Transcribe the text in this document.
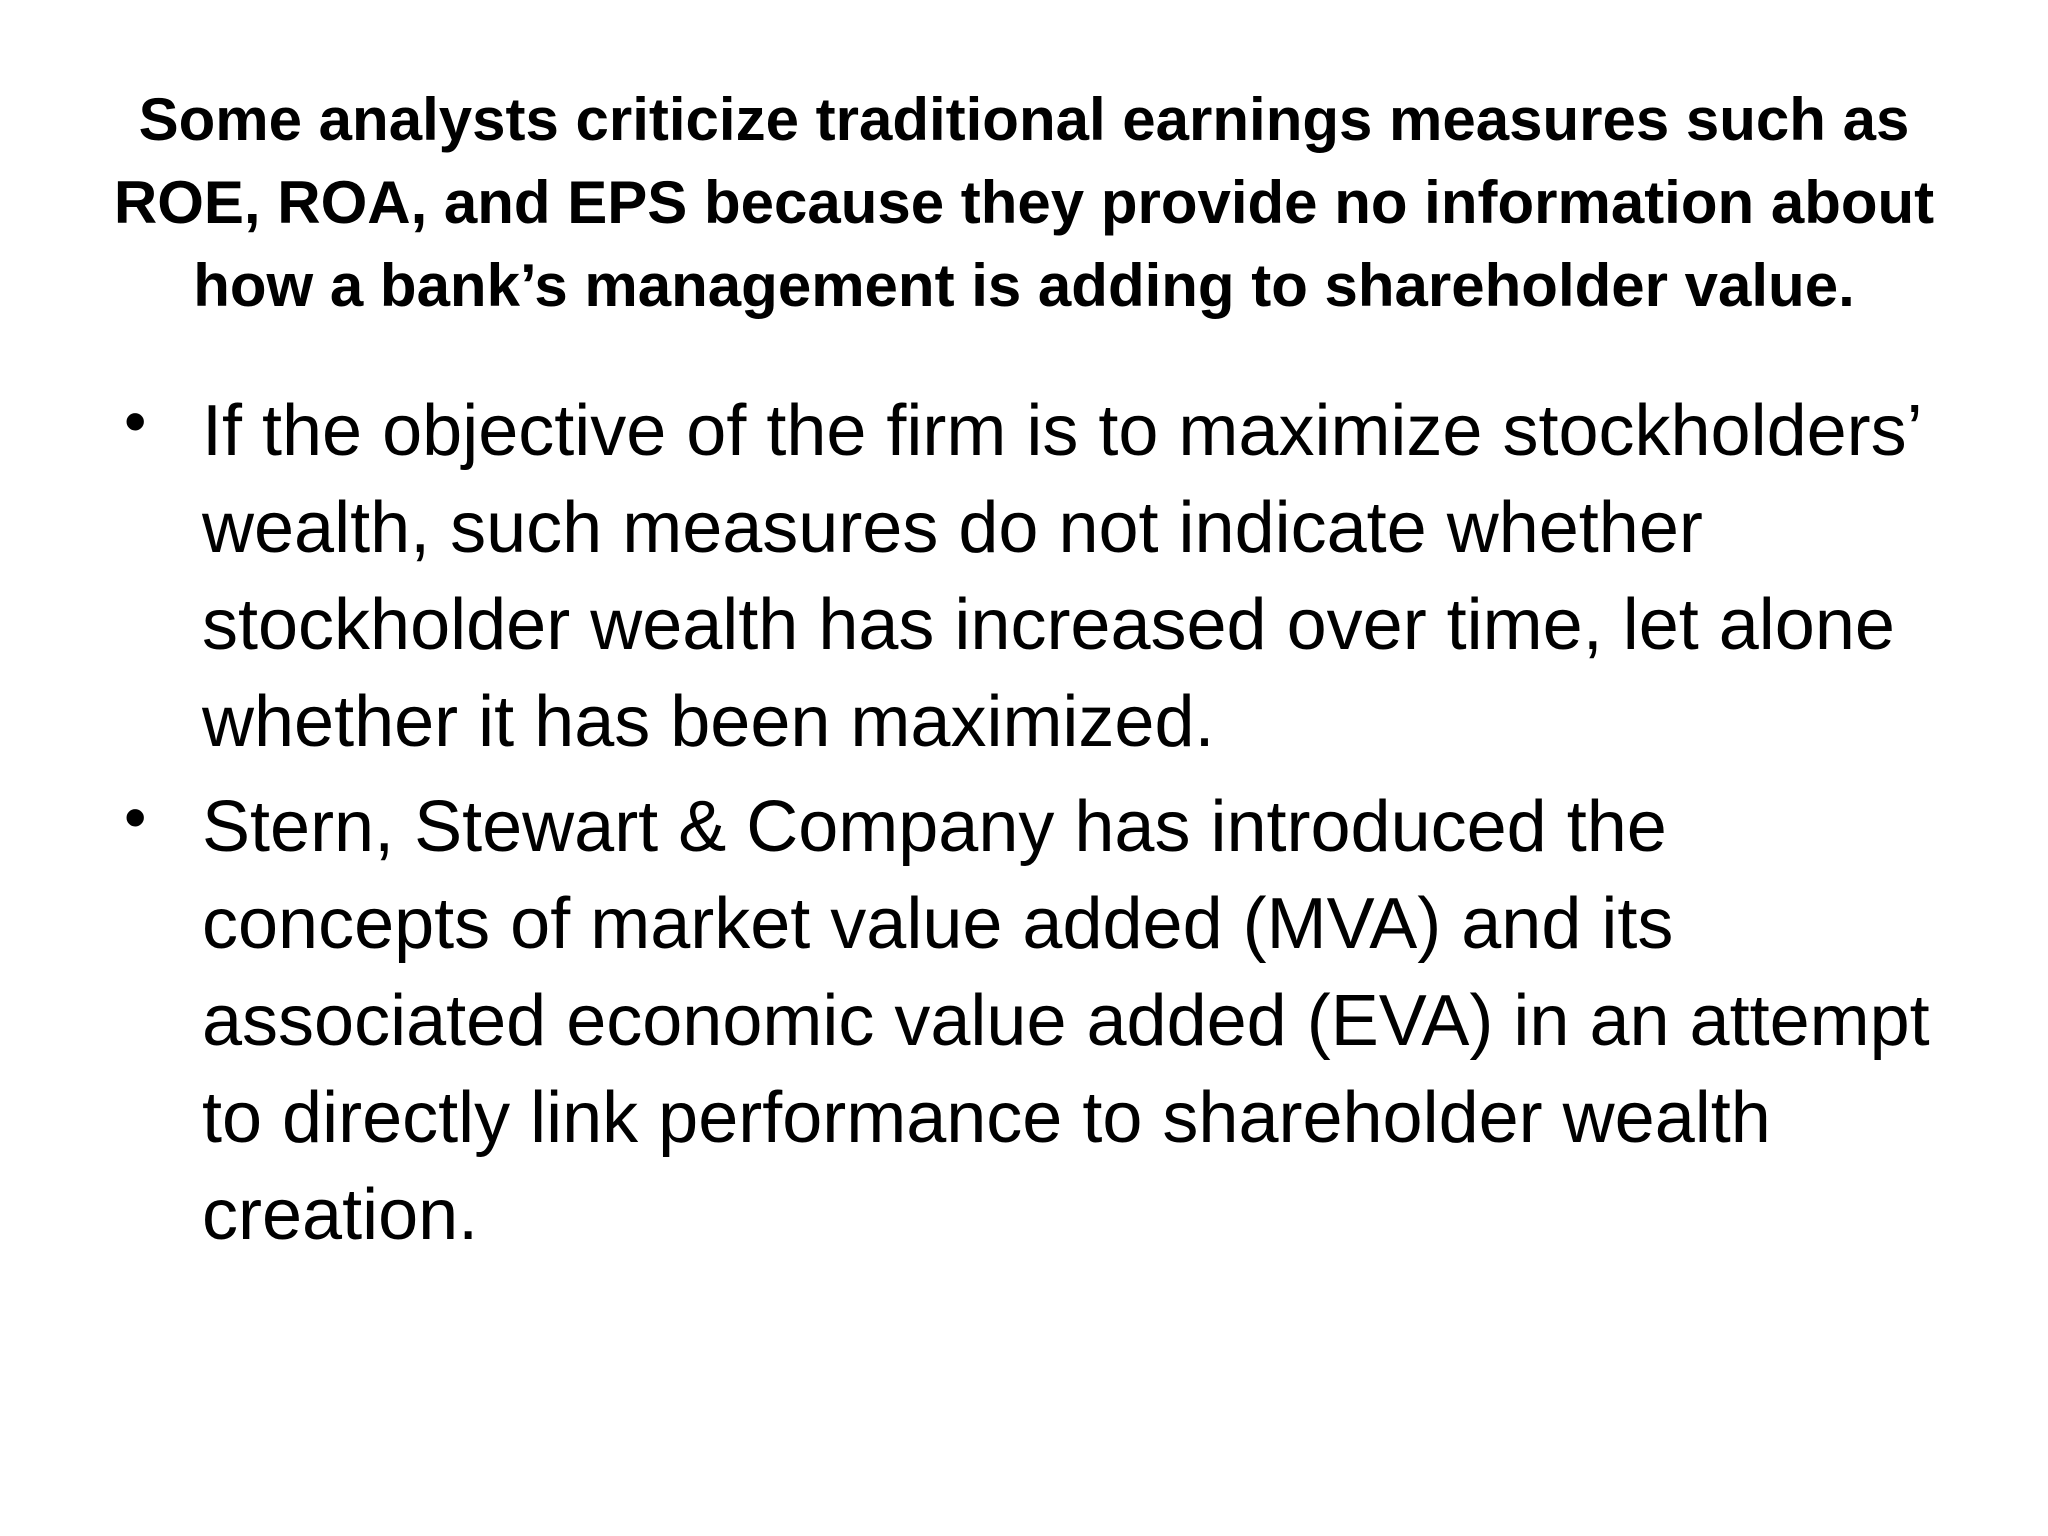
Some analysts criticize traditional earnings measures such as ROE, ROA, and EPS because they provide no information about how a bank’s management is adding to shareholder value.
• If the objective of the firm is to maximize stockholders’ wealth, such measures do not indicate whether stockholder wealth has increased over time, let alone whether it has been maximized.
• Stern, Stewart & Company has introduced the concepts of market value added (MVA) and its associated economic value added (EVA) in an attempt to directly link performance to shareholder wealth creation.
